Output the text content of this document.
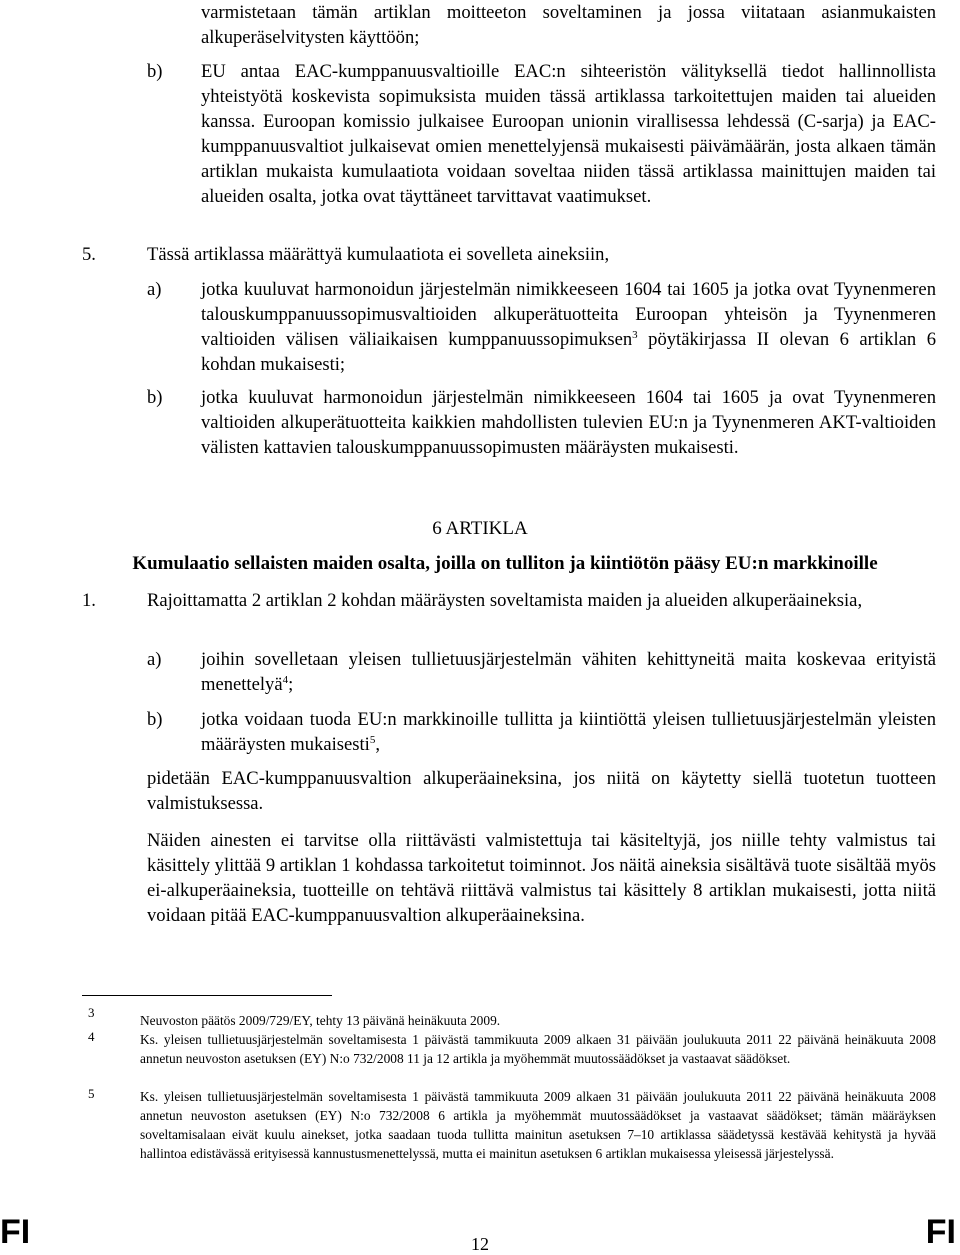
varmistetaan tämän artiklan moitteeton soveltaminen ja jossa viitataan asianmukaisten alkuperäselvitysten käyttöön;
b) EU antaa EAC-kumppanuusvaltioille EAC:n sihteeristön välityksellä tiedot hallinnollista yhteistyötä koskevista sopimuksista muiden tässä artiklassa tarkoitettujen maiden tai alueiden kanssa. Euroopan komissio julkaisee Euroopan unionin virallisessa lehdessä (C-sarja) ja EAC-kumppanuusvaltiot julkaisevat omien menettelyjensä mukaisesti päivämäärän, josta alkaen tämän artiklan mukaista kumulaatiota voidaan soveltaa niiden tässä artiklassa mainittujen maiden tai alueiden osalta, jotka ovat täyttäneet tarvittavat vaatimukset.
5.	Tässä artiklassa määrättyä kumulaatiota ei sovelleta aineksiin,
a) jotka kuuluvat harmonoidun järjestelmän nimikkeeseen 1604 tai 1605 ja jotka ovat Tyynenmeren talouskumppanuussopimusvaltioiden alkuperätuotteita Euroopan yhteisön ja Tyynenmeren valtioiden välisen väliaikaisen kumppanuussopimuksen$^3$ pöytäkirjassa II olevan 6 artiklan 6 kohdan mukaisesti;
b) jotka kuuluvat harmonoidun järjestelmän nimikkeeseen 1604 tai 1605 ja ovat Tyynenmeren valtioiden alkuperätuotteita kaikkien mahdollisten tulevien EU:n ja Tyynenmeren AKT-valtioiden välisten kattavien talouskumppanuussopimusten määräysten mukaisesti.
6 ARTIKLA
Kumulaatio sellaisten maiden osalta, joilla on tulliton ja kiintiötön pääsy EU:n markkinoille
1.	Rajoittamatta 2 artiklan 2 kohdan määräysten soveltamista maiden ja alueiden alkuperäaineksia,
a) joihin sovelletaan yleisen tullietuusjärjestelmän vähiten kehittyneitä maita koskevaa erityistä menettelyä$^4$;
b) jotka voidaan tuoda EU:n markkinoille tullitta ja kiintiöttä yleisen tullietuusjärjestelmän yleisten määräysten mukaisesti$^5$,
pidetään EAC-kumppanuusvaltion alkuperäaineksina, jos niitä on käytetty siellä tuotetun tuotteen valmistuksessa.
Näiden ainesten ei tarvitse olla riittävästi valmistettuja tai käsiteltyjä, jos niille tehty valmistus tai käsittely ylittää 9 artiklan 1 kohdassa tarkoitetut toiminnot. Jos näitä aineksia sisältävä tuote sisältää myös ei-alkuperäaineksia, tuotteille on tehtävä riittävä valmistus tai käsittely 8 artiklan mukaisesti, jotta niitä voidaan pitää EAC-kumppanuusvaltion alkuperäaineksina.
3
Neuvoston päätös 2009/729/EY, tehty 13 päivänä heinäkuuta 2009.
4	Ks. yleisen tullietuusjärjestelmän soveltamisesta 1 päivästä tammikuuta 2009 alkaen 31 päivään joulukuuta 2011 22 päivänä heinäkuuta 2008 annetun neuvoston asetuksen (EY) N:o 732/2008 11 ja 12 artikla ja myöhemmät muutossäädökset ja vastaavat säädökset.
5	Ks. yleisen tullietuusjärjestelmän soveltamisesta 1 päivästä tammikuuta 2009 alkaen 31 päivään joulukuuta 2011 22 päivänä heinäkuuta 2008 annetun neuvoston asetuksen (EY) N:o 732/2008 6 artikla ja myöhemmät muutossäädökset ja vastaavat säädökset; tämän määräyksen soveltamisalaan eivät kuulu ainekset, jotka saadaan tuoda tullitta mainitun asetuksen 7–10 artiklassa säädetyssä kestävää kehitystä ja hyvää hallintoa edistävässä erityisessä kannustusmenettelyssä, mutta ei mainitun asetuksen 6 artiklan mukaisessa yleisessä järjestelyssä.
FI	12	FI
